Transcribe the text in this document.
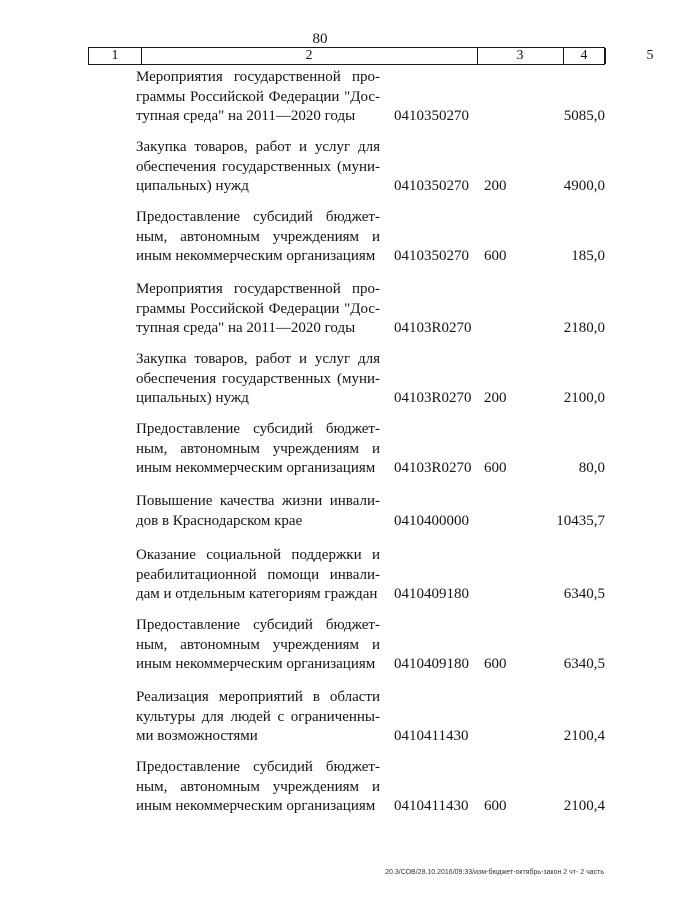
80
1	2	3	4	5
Мероприятия государственной про-
граммы Российской Федерации "Дос-
тупная среда" на 2011—2020 годы	0410350270	5085,0
Закупка товаров, работ и услуг для
обеспечения государственных (муни-
ципальных) нужд	0410350270 200	4900,0
Предоставление субсидий бюджет-
ным, автономным учреждениям и
иным некоммерческим организациям	0410350270 600	185,0
Мероприятия государственной про-
граммы Российской Федерации "Дос-
тупная среда" на 2011—2020 годы	04103R0270	2180,0
Закупка товаров, работ и услуг для
обеспечения государственных (муни-
ципальных) нужд	04103R0270 200	2100,0
Предоставление субсидий бюджет-
ным, автономным учреждениям и
иным некоммерческим организациям	04103R0270 600	80,0
Повышение качества жизни инвали-
дов в Краснодарском крае	0410400000	10435,7
Оказание социальной поддержки и
реабилитационной помощи инвали-
дам и отдельным категориям граждан 0410409180	6340,5
Предоставление субсидий бюджет-
ным, автономным учреждениям и
иным некоммерческим организациям	0410409180 600	6340,5
Реализация мероприятий в области
культуры для людей с ограниченны-
ми возможностями	0410411430	2100,4
Предоставление субсидий бюджет-
ным, автономным учреждениям и
иным некоммерческим организациям	0410411430 600	2100,4
20.3/СОВ/28.10.2016/09:33/изм-бюджет-октябрь-закон 2 чт- 2 часть
